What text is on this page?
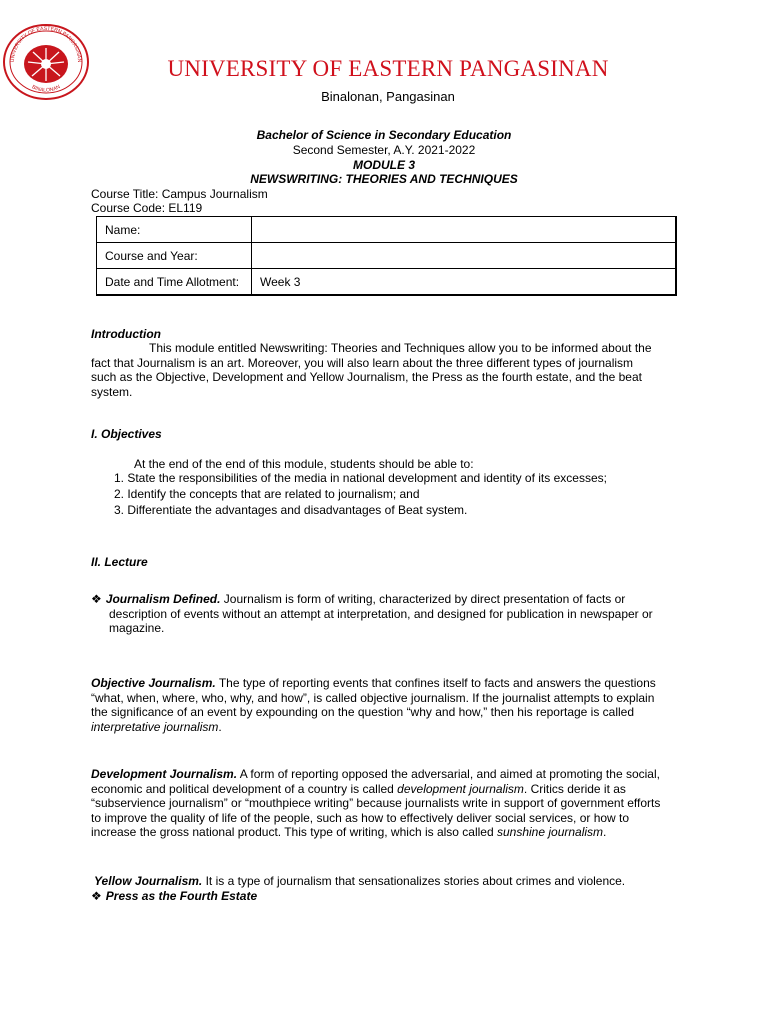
UNIVERSITY OF EASTERN PANGASINAN
BINALONAN
UNIVERSITY OF EASTERN PANGASINAN
Binalonan, Pangasinan
Bachelor of Science in Secondary Education
Second Semester, A.Y. 2021-2022
MODULE 3
NEWSWRITING: THEORIES AND TECHNIQUES
Course Title: Campus Journalism
Course Code: EL119
Name:	
Course and Year:	
Date and Time Allotment:	Week 3
Introduction
This module entitled Newswriting: Theories and Techniques allow you to be informed about the
fact that Journalism is an art. Moreover, you will also learn about the three different types of journalism
such as the Objective, Development and Yellow Journalism, the Press as the fourth estate, and the beat
system.
I. Objectives
At the end of the end of this module, students should be able to:
1. State the responsibilities of the media in national development and identity of its excesses;
2. Identify the concepts that are related to journalism; and
3. Differentiate the advantages and disadvantages of Beat system.
II. Lecture
❖ Journalism Defined. Journalism is form of writing, characterized by direct presentation of facts or
description of events without an attempt at interpretation, and designed for publication in newspaper or
magazine.
Objective Journalism. The type of reporting events that confines itself to facts and answers the questions
“what, when, where, who, why, and how”, is called objective journalism. If the journalist attempts to explain
the significance of an event by expounding on the question “why and how,” then his reportage is called
interpretative journalism.
Development Journalism. A form of reporting opposed the adversarial, and aimed at promoting the social,
economic and political development of a country is called development journalism. Critics deride it as
“subservience journalism” or “mouthpiece writing” because journalists write in support of government efforts
to improve the quality of life of the people, such as how to effectively deliver social services, or how to
increase the gross national product. This type of writing, which is also called sunshine journalism.
Yellow Journalism. It is a type of journalism that sensationalizes stories about crimes and violence.
❖ Press as the Fourth Estate
